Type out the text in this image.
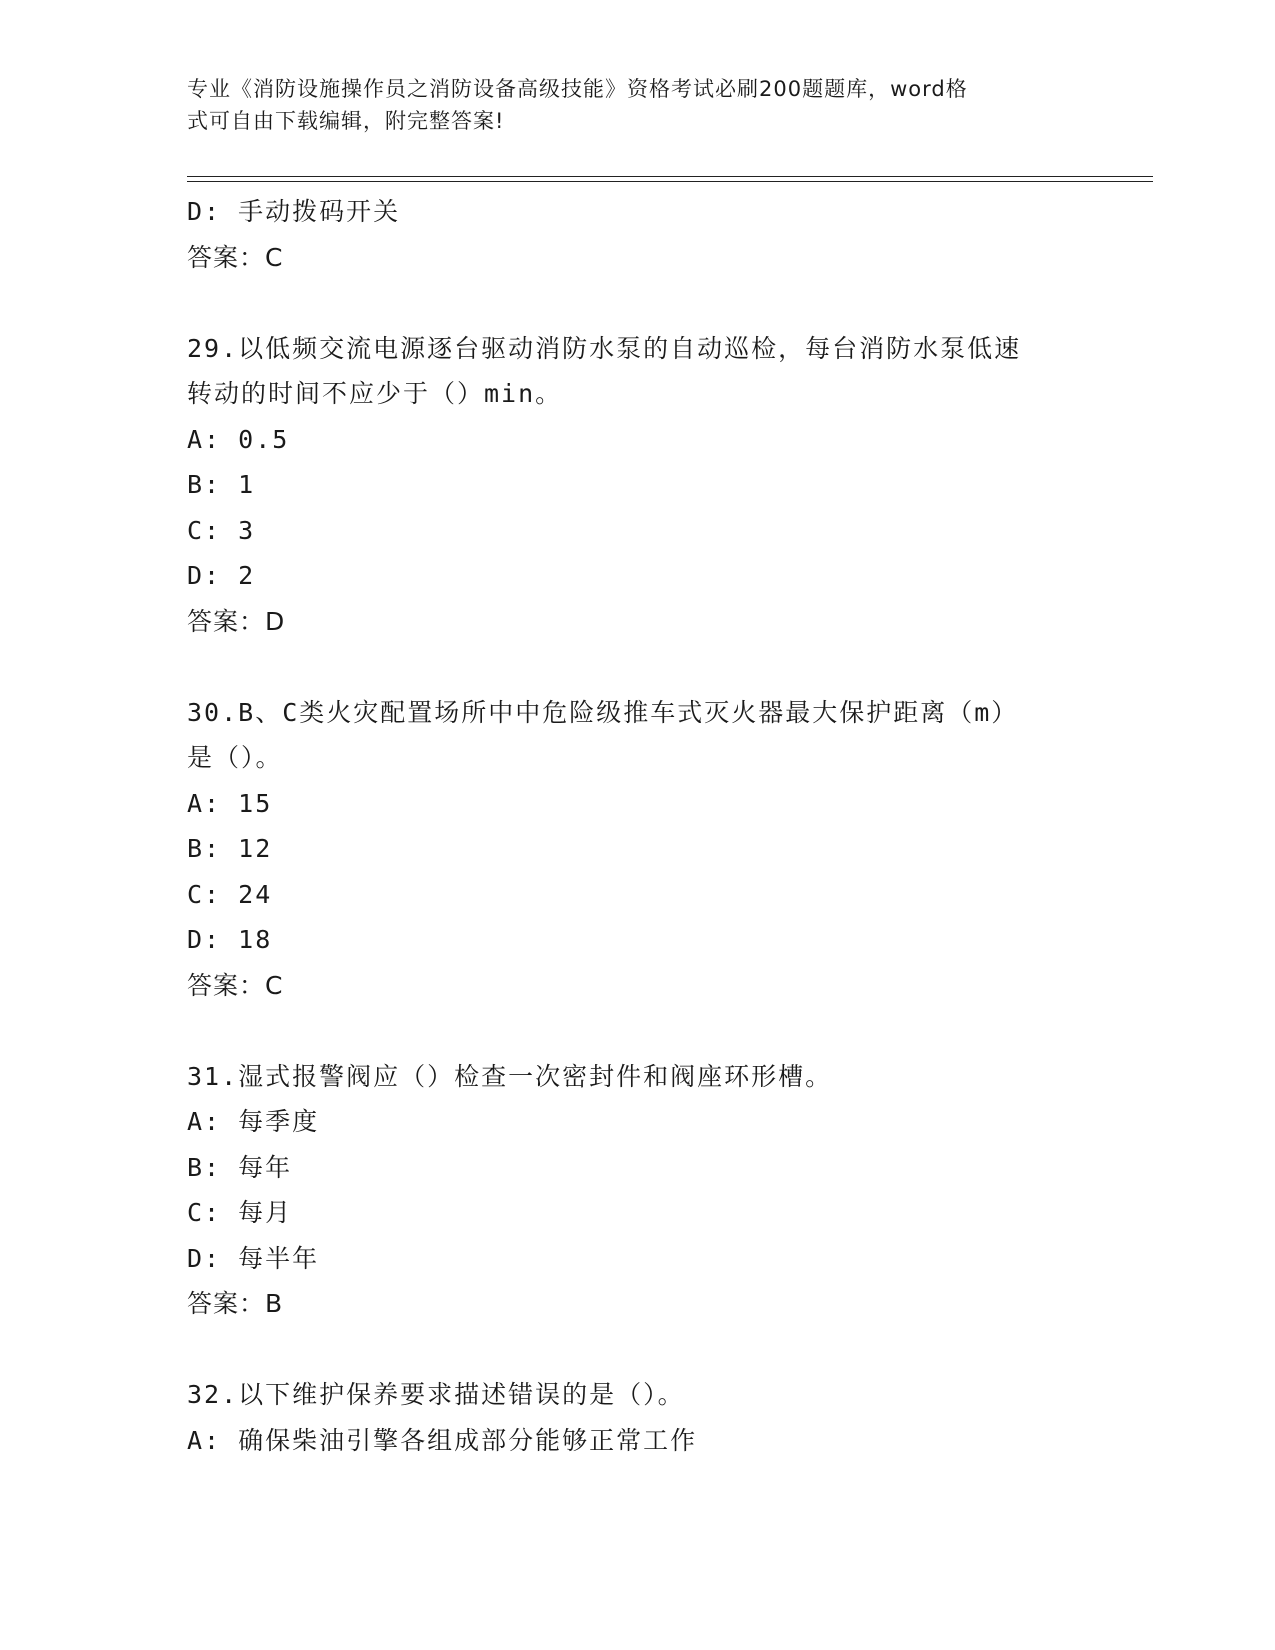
专业《消防设施操作员之消防设备高级技能》资格考试必刷200题题库，word格
式可自由下载编辑，附完整答案!
D: 手动拨码开关
答案：C
29.以低频交流电源逐台驱动消防水泵的自动巡检，每台消防水泵低速
转动的时间不应少于（）min。
A: 0.5
B: 1
C: 3
D: 2
答案：D
30.B、C类火灾配置场所中中危险级推车式灭火器最大保护距离（m）
是（）。
A: 15
B: 12
C: 24
D: 18
答案：C
31.湿式报警阀应（）检查一次密封件和阀座环形槽。
A: 每季度
B: 每年
C: 每月
D: 每半年
答案：B
32.以下维护保养要求描述错误的是（）。
A: 确保柴油引擎各组成部分能够正常工作
